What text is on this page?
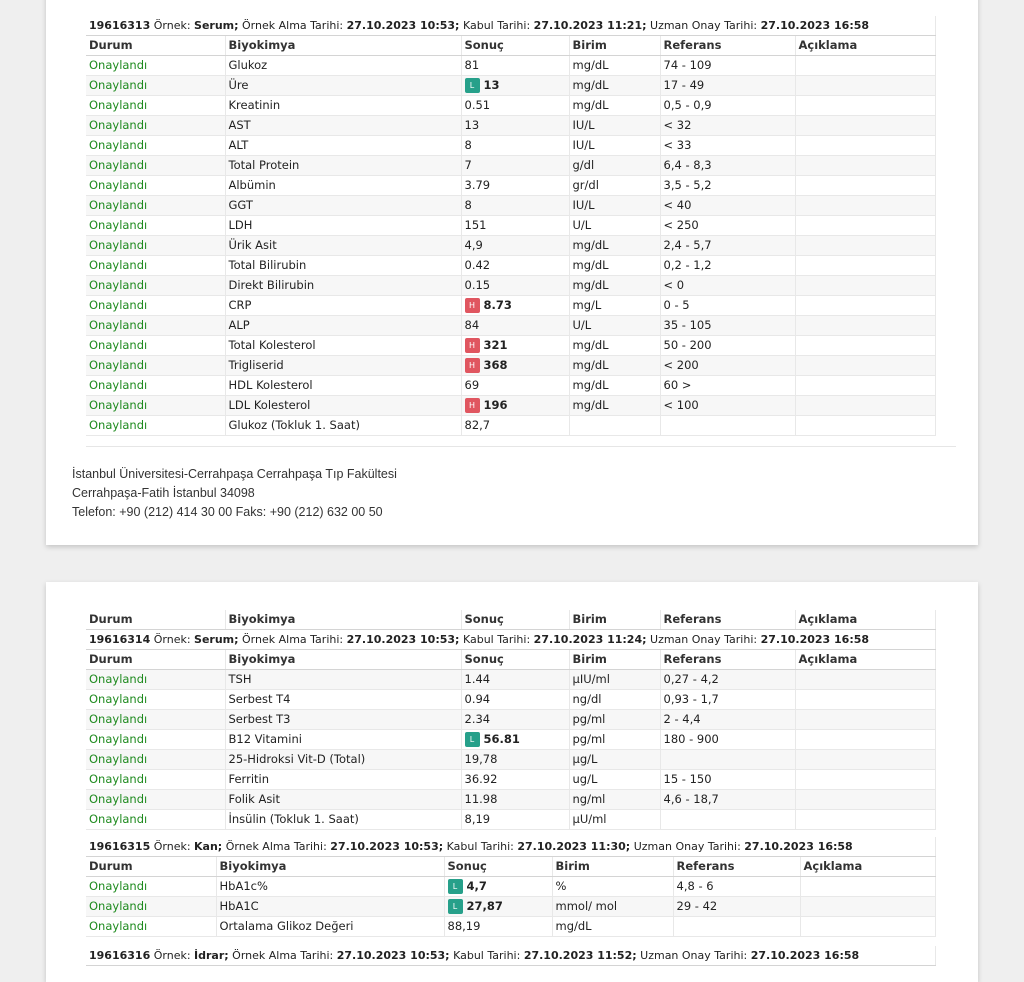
19616313 Örnek: Serum; Örnek Alma Tarihi: 27.10.2023 10:53; Kabul Tarihi: 27.10.2023 11:21; Uzman Onay Tarihi: 27.10.2023 16:58					
Durum	Biyokimya	Sonuç	Birim	Referans	Açıklama
Onaylandı	Glukoz	81	mg/dL	74 - 109	
Onaylandı	Üre	L 13	mg/dL	17 - 49	
Onaylandı	Kreatinin	0.51	mg/dL	0,5 - 0,9	
Onaylandı	AST	13	IU/L	< 32	
Onaylandı	ALT	8	IU/L	< 33	
Onaylandı	Total Protein	7	g/dl	6,4 - 8,3	
Onaylandı	Albümin	3.79	gr/dl	3,5 - 5,2	
Onaylandı	GGT	8	IU/L	< 40	
Onaylandı	LDH	151	U/L	< 250	
Onaylandı	Ürik Asit	4,9	mg/dL	2,4 - 5,7	
Onaylandı	Total Bilirubin	0.42	mg/dL	0,2 - 1,2	
Onaylandı	Direkt Bilirubin	0.15	mg/dL	< 0	
Onaylandı	CRP	H 8.73	mg/L	0 - 5	
Onaylandı	ALP	84	U/L	35 - 105	
Onaylandı	Total Kolesterol	H 321	mg/dL	50 - 200	
Onaylandı	Trigliserid	H 368	mg/dL	< 200	
Onaylandı	HDL Kolesterol	69	mg/dL	60 >	
Onaylandı	LDL Kolesterol	H 196	mg/dL	< 100	
Onaylandı	Glukoz (Tokluk 1. Saat)	82,7			
İstanbul Üniversitesi-Cerrahpaşa Cerrahpaşa Tıp Fakültesi
Cerrahpaşa-Fatih İstanbul 34098
Telefon: +90 (212) 414 30 00 Faks: +90 (212) 632 00 50
Durum	Biyokimya	Sonuç	Birim	Referans	Açıklama
19616314 Örnek: Serum; Örnek Alma Tarihi: 27.10.2023 10:53; Kabul Tarihi: 27.10.2023 11:24; Uzman Onay Tarihi: 27.10.2023 16:58					
Durum	Biyokimya	Sonuç	Birim	Referans	Açıklama
Onaylandı	TSH	1.44	µIU/ml	0,27 - 4,2	
Onaylandı	Serbest T4	0.94	ng/dl	0,93 - 1,7	
Onaylandı	Serbest T3	2.34	pg/ml	2 - 4,4	
Onaylandı	B12 Vitamini	L 56.81	pg/ml	180 - 900	
Onaylandı	25-Hidroksi Vit-D (Total)	19,78	µg/L		
Onaylandı	Ferritin	36.92	ug/L	15 - 150	
Onaylandı	Folik Asit	11.98	ng/ml	4,6 - 18,7	
Onaylandı	İnsülin (Tokluk 1. Saat)	8,19	µU/ml		
19616315 Örnek: Kan; Örnek Alma Tarihi: 27.10.2023 10:53; Kabul Tarihi: 27.10.2023 11:30; Uzman Onay Tarihi: 27.10.2023 16:58					
Durum	Biyokimya	Sonuç	Birim	Referans	Açıklama
Onaylandı	HbA1c%	L 4,7	%	4,8 - 6	
Onaylandı	HbA1C	L 27,87	mmol/ mol	29 - 42	
Onaylandı	Ortalama Glikoz Değeri	88,19	mg/dL		
19616316 Örnek: İdrar; Örnek Alma Tarihi: 27.10.2023 10:53; Kabul Tarihi: 27.10.2023 11:52; Uzman Onay Tarihi: 27.10.2023 16:58
